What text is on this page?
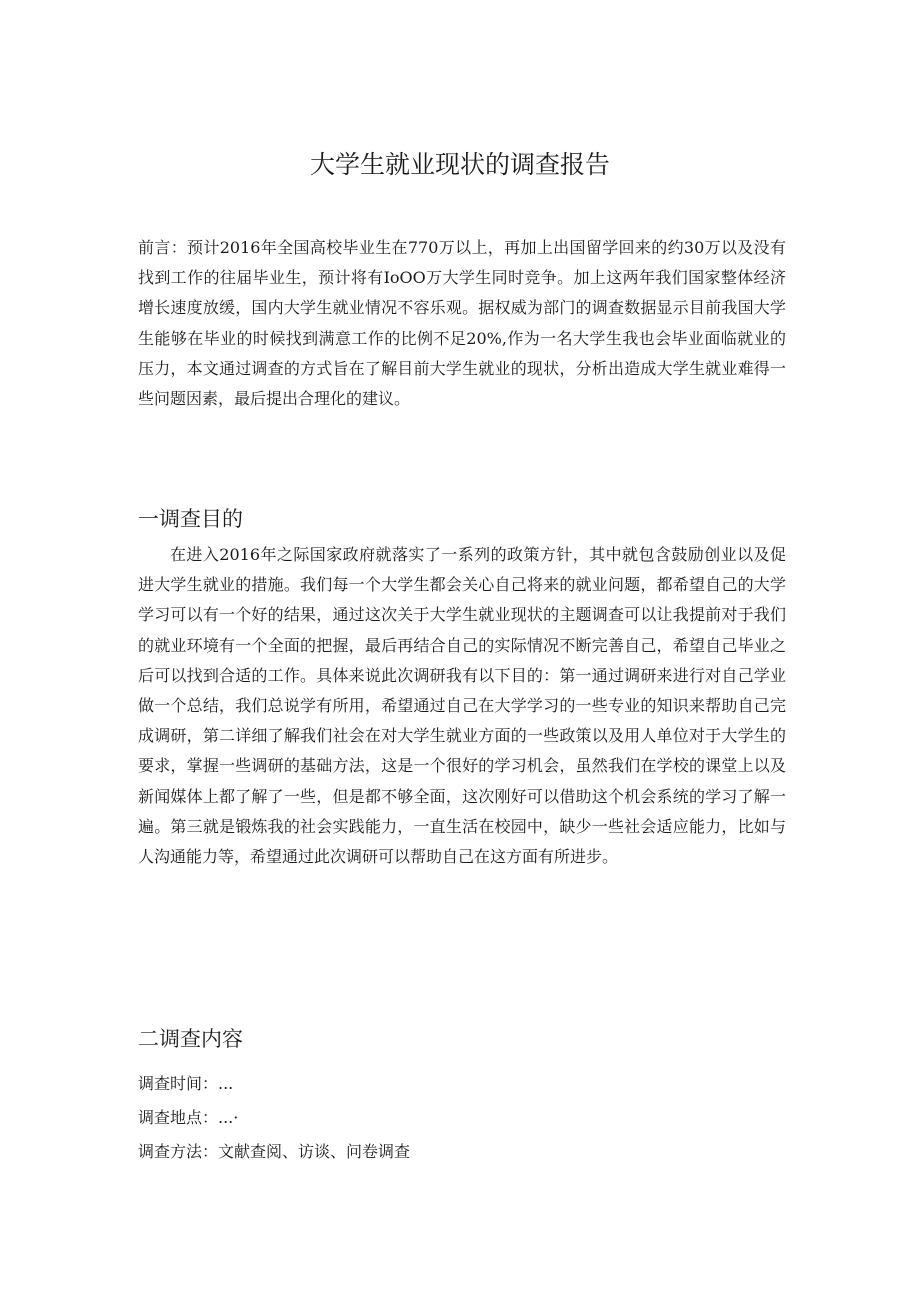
大学生就业现状的调查报告

前言：预计2016年全国高校毕业生在770万以上，再加上出国留学回来的约30万以及没有找到工作的往届毕业生，预计将有IoOO万大学生同时竞争。加上这两年我们国家整体经济增长速度放缓，国内大学生就业情况不容乐观。据权威为部门的调查数据显示目前我国大学生能够在毕业的时候找到满意工作的比例不足20%,作为一名大学生我也会毕业面临就业的压力，本文通过调查的方式旨在了解目前大学生就业的现状，分析出造成大学生就业难得一些问题因素，最后提出合理化的建议。

一调查目的

在进入2016年之际国家政府就落实了一系列的政策方针，其中就包含鼓励创业以及促进大学生就业的措施。我们每一个大学生都会关心自己将来的就业问题，都希望自己的大学学习可以有一个好的结果，通过这次关于大学生就业现状的主题调查可以让我提前对于我们的就业环境有一个全面的把握，最后再结合自己的实际情况不断完善自己，希望自己毕业之后可以找到合适的工作。具体来说此次调研我有以下目的：第一通过调研来进行对自己学业做一个总结，我们总说学有所用，希望通过自己在大学学习的一些专业的知识来帮助自己完成调研，第二详细了解我们社会在对大学生就业方面的一些政策以及用人单位对于大学生的要求，掌握一些调研的基础方法，这是一个很好的学习机会，虽然我们在学校的课堂上以及新闻媒体上都了解了一些，但是都不够全面，这次刚好可以借助这个机会系统的学习了解一遍。第三就是锻炼我的社会实践能力，一直生活在校园中，缺少一些社会适应能力，比如与人沟通能力等，希望通过此次调研可以帮助自己在这方面有所进步。

二调查内容
调查时间：...
调查地点：...·
调查方法：文献查阅、访谈、问卷调查
